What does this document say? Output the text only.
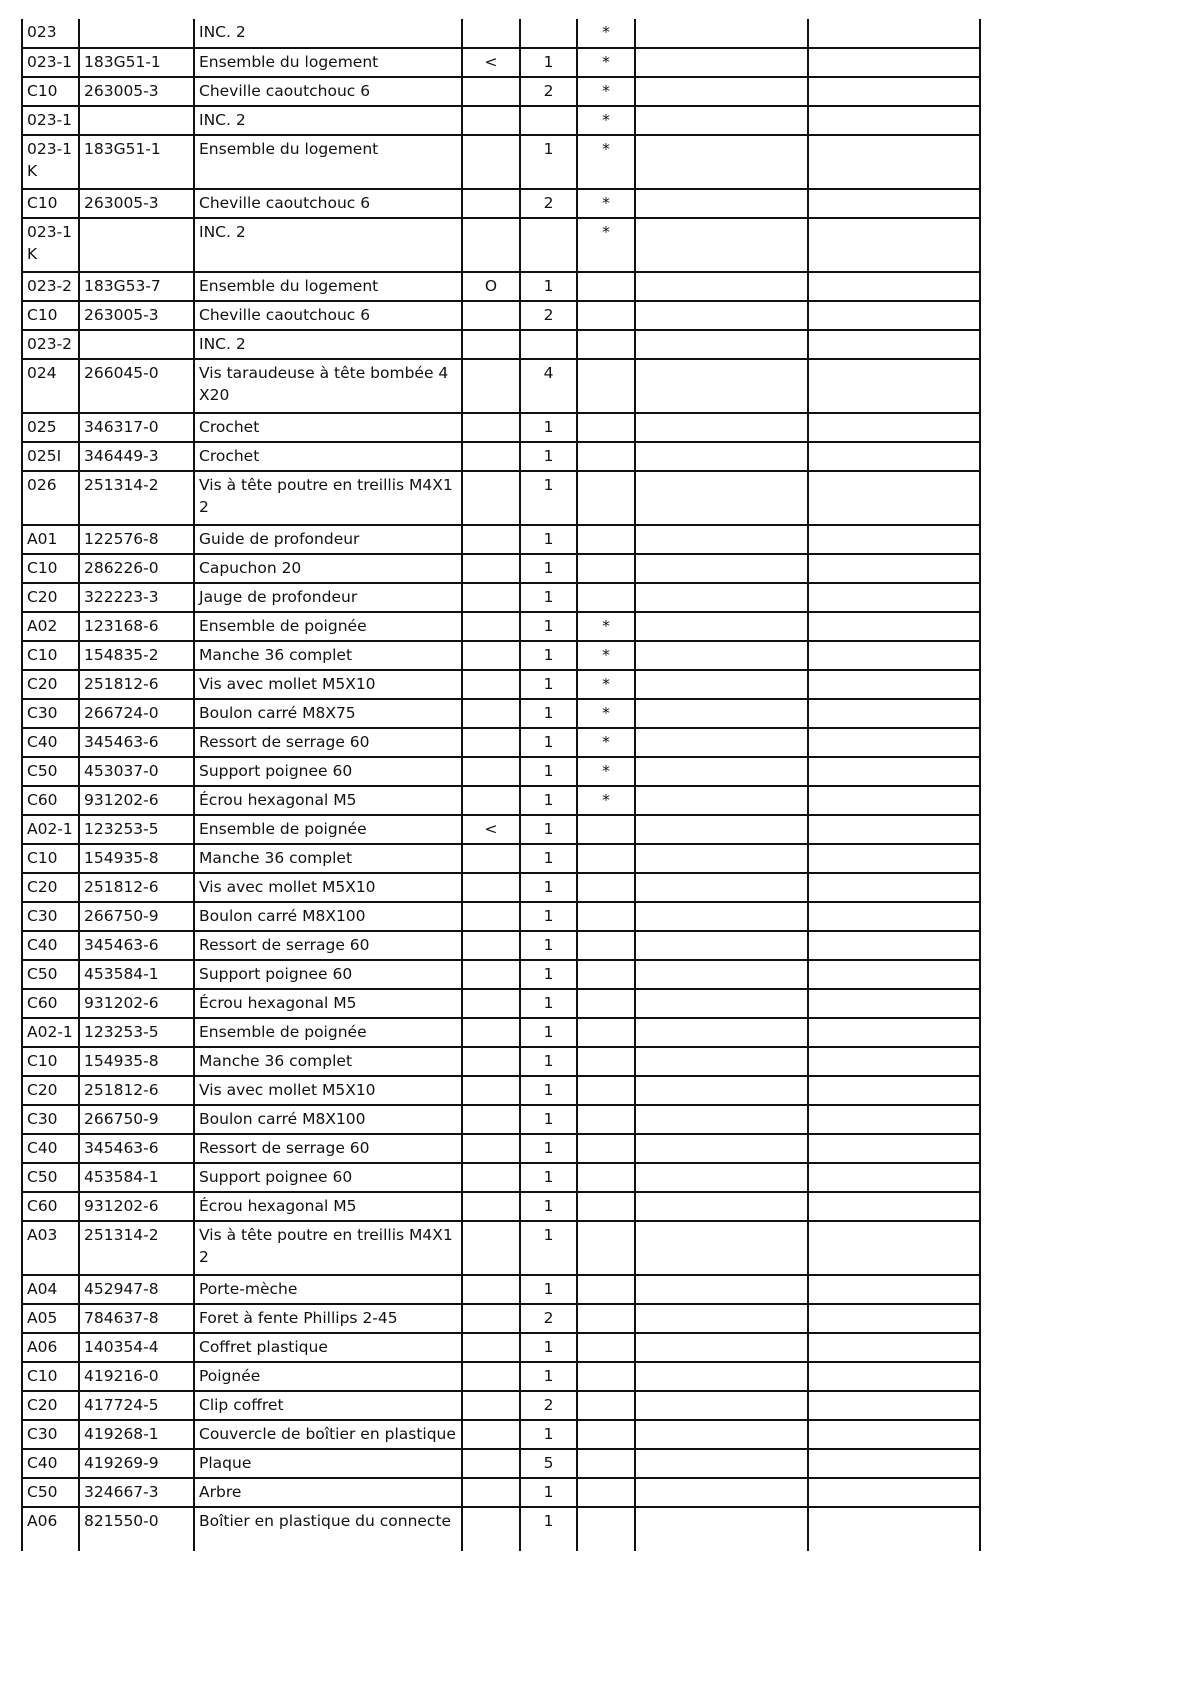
023		INC. 2			*		
023-1	183G51-1	Ensemble du logement	<	1	*		
C10	263005-3	Cheville caoutchouc 6		2	*		
023-1		INC. 2			*		
023-1K	183G51-1	Ensemble du logement		1	*		
C10	263005-3	Cheville caoutchouc 6		2	*		
023-1K		INC. 2			*		
023-2	183G53-7	Ensemble du logement	O	1			
C10	263005-3	Cheville caoutchouc 6		2			
023-2		INC. 2					
024	266045-0	Vis taraudeuse à tête bombée 4X20		4			
025	346317-0	Crochet		1			
025I	346449-3	Crochet		1			
026	251314-2	Vis à tête poutre en treillis M4X12		1			
A01	122576-8	Guide de profondeur		1			
C10	286226-0	Capuchon 20		1			
C20	322223-3	Jauge de profondeur		1			
A02	123168-6	Ensemble de poignée		1	*		
C10	154835-2	Manche 36 complet		1	*		
C20	251812-6	Vis avec mollet M5X10		1	*		
C30	266724-0	Boulon carré M8X75		1	*		
C40	345463-6	Ressort de serrage 60		1	*		
C50	453037-0	Support poignee 60		1	*		
C60	931202-6	Écrou hexagonal M5		1	*		
A02-1	123253-5	Ensemble de poignée	<	1			
C10	154935-8	Manche 36 complet		1			
C20	251812-6	Vis avec mollet M5X10		1			
C30	266750-9	Boulon carré M8X100		1			
C40	345463-6	Ressort de serrage 60		1			
C50	453584-1	Support poignee 60		1			
C60	931202-6	Écrou hexagonal M5		1			
A02-1	123253-5	Ensemble de poignée		1			
C10	154935-8	Manche 36 complet		1			
C20	251812-6	Vis avec mollet M5X10		1			
C30	266750-9	Boulon carré M8X100		1			
C40	345463-6	Ressort de serrage 60		1			
C50	453584-1	Support poignee 60		1			
C60	931202-6	Écrou hexagonal M5		1			
A03	251314-2	Vis à tête poutre en treillis M4X12		1			
A04	452947-8	Porte-mèche		1			
A05	784637-8	Foret à fente Phillips 2-45		2			
A06	140354-4	Coffret plastique		1			
C10	419216-0	Poignée		1			
C20	417724-5	Clip coffret		2			
C30	419268-1	Couvercle de boîtier en plastique		1			
C40	419269-9	Plaque		5			
C50	324667-3	Arbre		1			
A06	821550-0	Boîtier en plastique du connecte		1			
